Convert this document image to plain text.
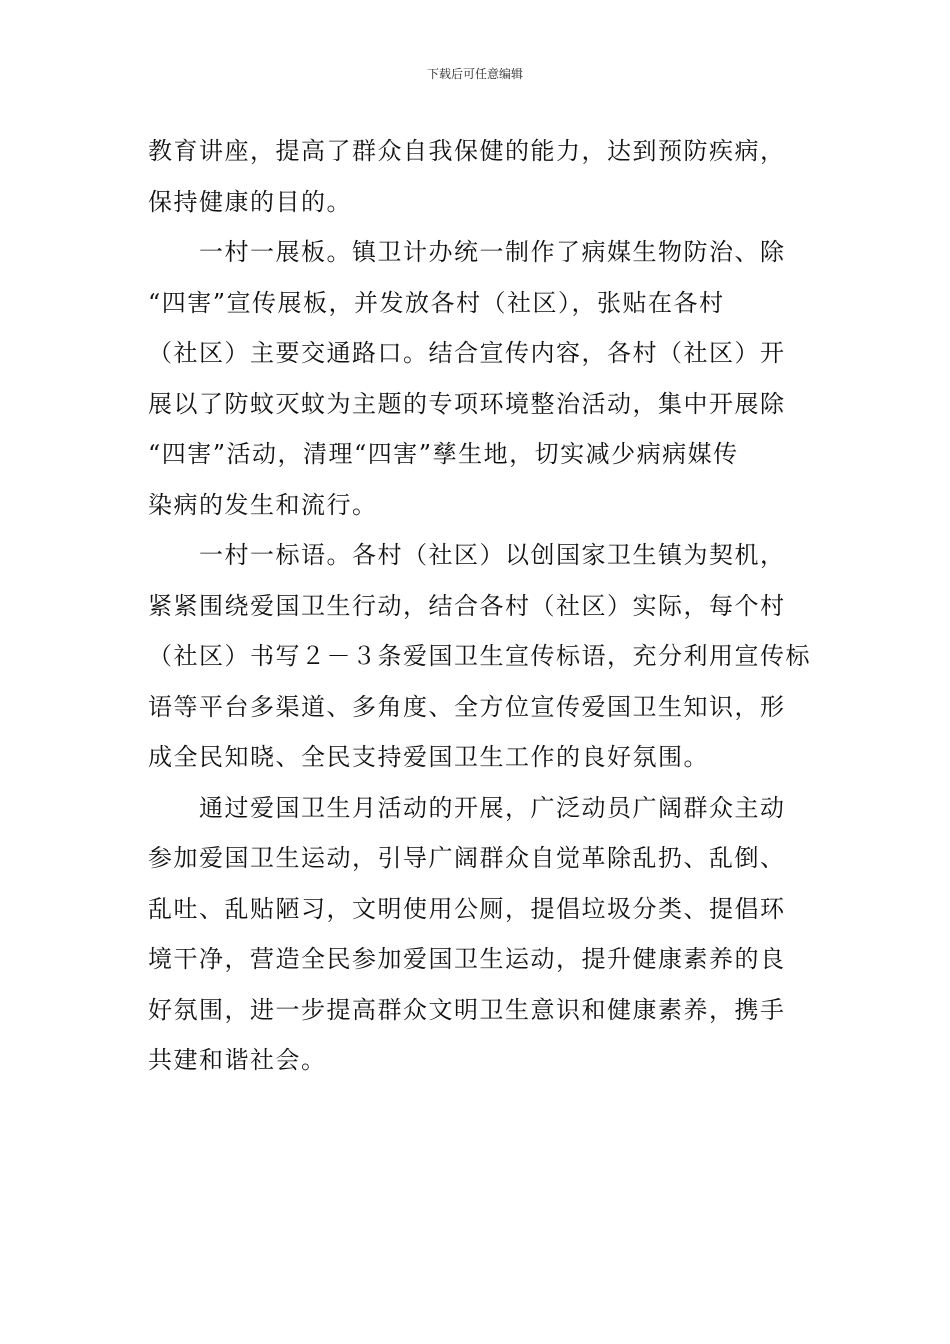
下载后可任意编辑
教育讲座，提高了群众自我保健的能力，达到预防疾病，
保持健康的目的。
　　一村一展板。镇卫计办统一制作了病媒生物防治、除
“四害”宣传展板，并发放各村（社区），张贴在各村
（社区）主要交通路口。结合宣传内容，各村（社区）开
展以了防蚊灭蚊为主题的专项环境整治活动，集中开展除
“四害”活动，清理“四害”孳生地，切实减少病病媒传
染病的发生和流行。
　　一村一标语。各村（社区）以创国家卫生镇为契机，
紧紧围绕爱国卫生行动，结合各村（社区）实际，每个村
（社区）书写２－３条爱国卫生宣传标语，充分利用宣传标
语等平台多渠道、多角度、全方位宣传爱国卫生知识，形
成全民知晓、全民支持爱国卫生工作的良好氛围。
　　通过爱国卫生月活动的开展，广泛动员广阔群众主动
参加爱国卫生运动，引导广阔群众自觉革除乱扔、乱倒、
乱吐、乱贴陋习，文明使用公厕，提倡垃圾分类、提倡环
境干净，营造全民参加爱国卫生运动，提升健康素养的良
好氛围，进一步提高群众文明卫生意识和健康素养，携手
共建和谐社会。
